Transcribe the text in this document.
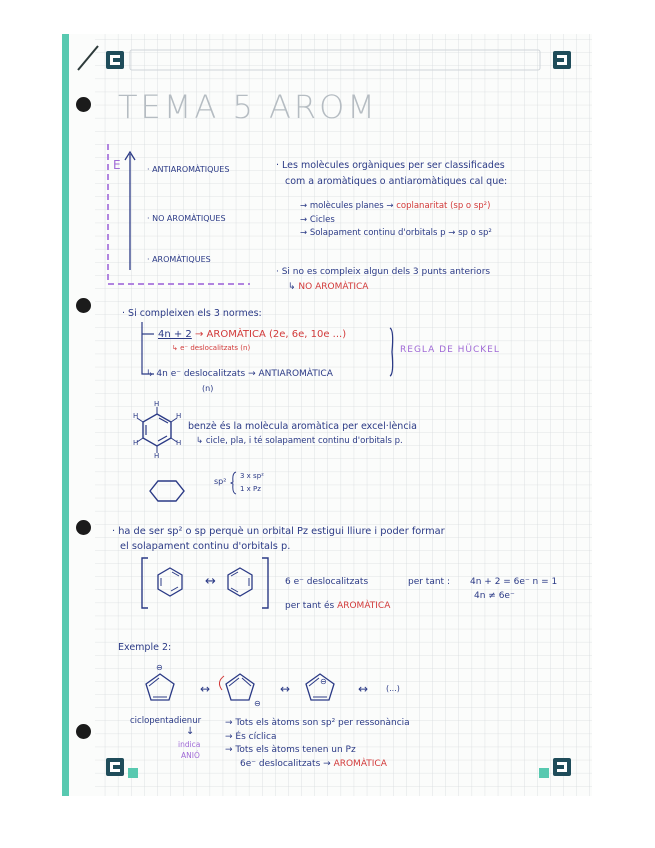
TEMA 5 AROM
E	· ANTIAROMÀTIQUES
· NO AROMÀTIQUES
· AROMÀTIQUES
· Les molècules orgàniques per ser classificades
com a aromàtiques o antiaromàtiques cal que:
→ molècules planes → coplanaritat (sp o sp²)
→ Cicles
→ Solapament continu d'orbitals p → sp o sp²
· Si no es compleix algun dels 3 punts anteriors
↳ NO AROMÀTICA
· Si compleixen els 3 normes:
4n + 2 → AROMÀTICA (2e, 6e, 10e ...)
↳ e⁻ deslocalitzats (n)
↳ 4n e⁻ deslocalitzats → ANTIAROMÀTICA
(n)
REGLA DE HÜCKEL
H
H
H
H
H
H
benzè és la molècula aromàtica per excel·lència
↳ cicle, pla, i té solapament continu d'orbitals p.
sp²
3 x sp²
1 x Pz
· ha de ser sp² o sp perquè un orbital Pz estigui lliure i poder formar
el solapament continu d'orbitals p.
↔	6 e⁻ deslocalitzats	per tant : 4n + 2 = 6e⁻ n = 1
4n ≠ 6e⁻
per tant és AROMÀTICA
Exemple 2:
⊖
⊖
⊖
↔	↔	↔ (...)
ciclopentadienur
↓
indica
ANIÓ
→ Tots els àtoms son sp² per ressonància
→ És cíclica
→ Tots els àtoms tenen un Pz
6e⁻ deslocalitzats → AROMÀTICA
